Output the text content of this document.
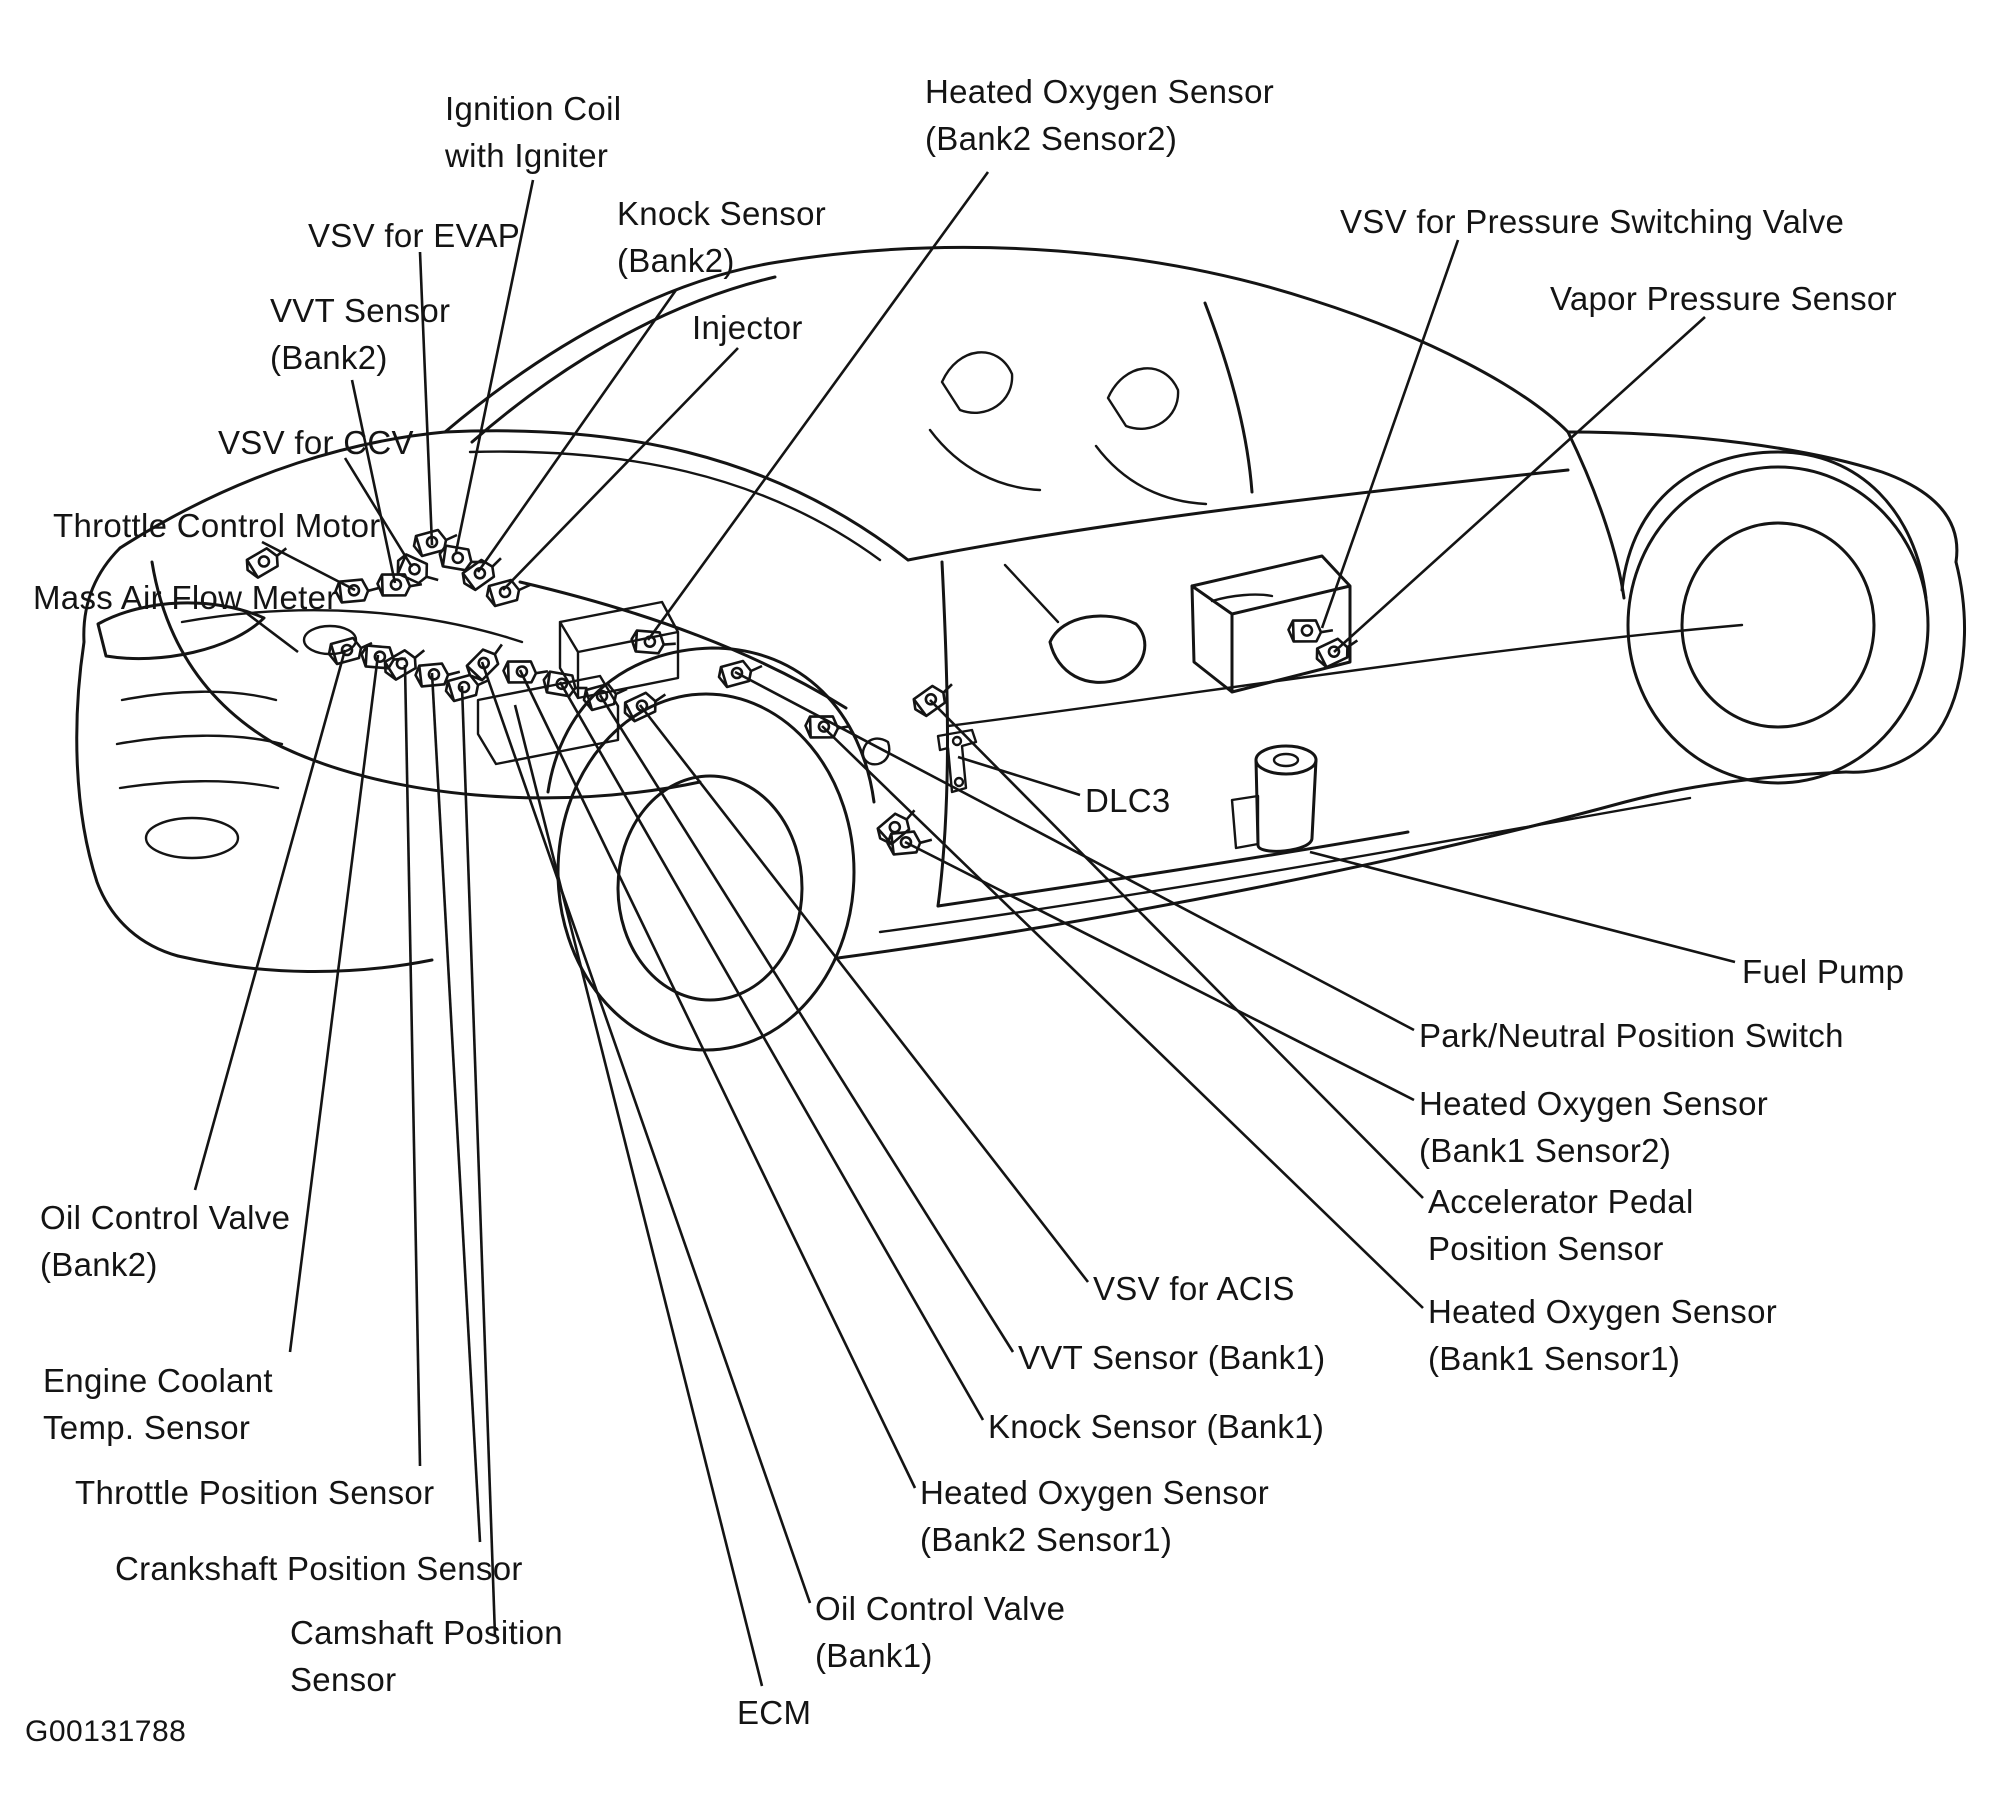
Ignition Coil
with Igniter
Heated Oxygen Sensor
(Bank2 Sensor2)
Knock Sensor
(Bank2)
VSV for EVAP	VSV for Pressure Switching Valve
Vapor Pressure Sensor
VVT Sensor
(Bank2)
Injector
VSV for CCV
Throttle Control Motor
Mass Air Flow Meter
DLC3
Fuel Pump
Park/Neutral Position Switch
Heated Oxygen Sensor
(Bank1 Sensor2)
Accelerator Pedal
Position Sensor
VSV for ACIS
Heated Oxygen Sensor
(Bank1 Sensor1)
VVT Sensor (Bank1)
Knock Sensor (Bank1)
Heated Oxygen Sensor
(Bank2 Sensor1)
Oil Control Valve
(Bank1)
ECM
Oil Control Valve
(Bank2)
Engine Coolant
Temp. Sensor
Throttle Position Sensor
Crankshaft Position Sensor
Camshaft Position
Sensor
G00131788
